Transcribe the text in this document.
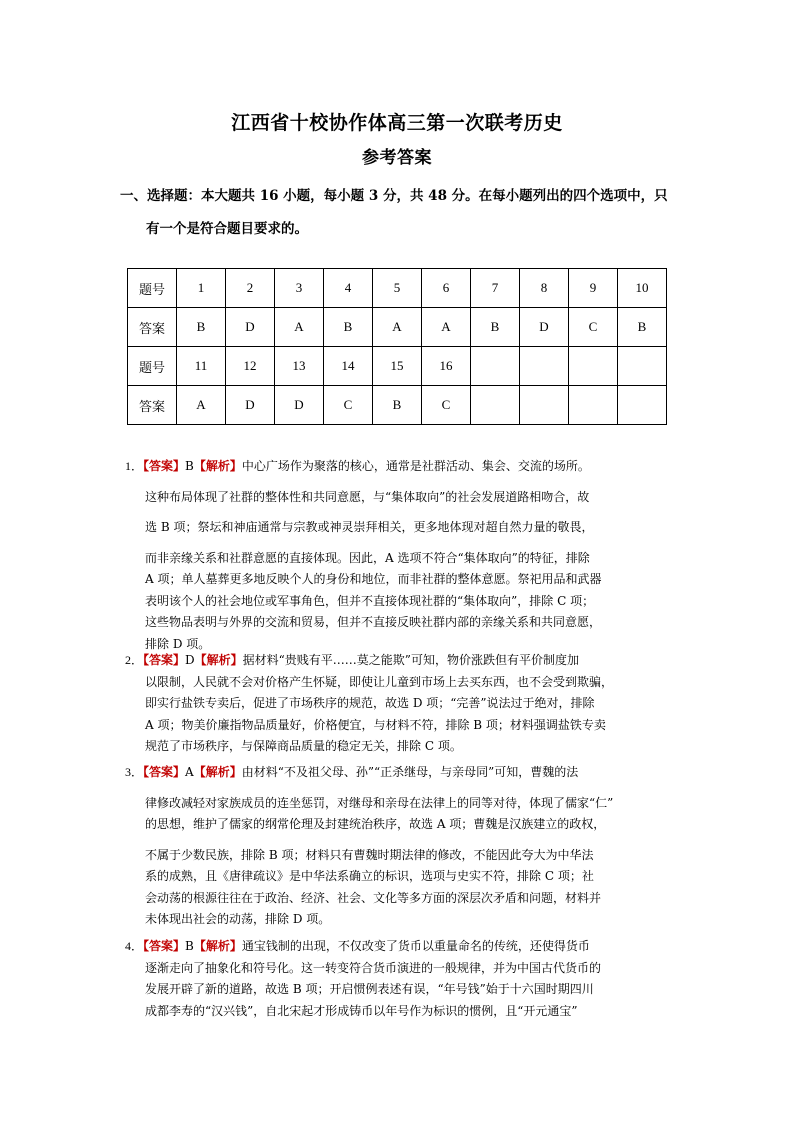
江西省十校协作体高三第一次联考历史
参考答案
一、选择题：本大题共 16 小题，每小题 3 分，共 48 分。在每小题列出的四个选项中，只
有一个是符合题目要求的。
题号	1	2	3	4	5	6	7	8	9	10
答案	B	D	A	B	A	A	B	D	C	B
题号	11	12	13	14	15	16				
答案	A	D	D	C	B	C				
1．【答案】B【解析】中心广场作为聚落的核心，通常是社群活动、集会、交流的场所。
这种布局体现了社群的整体性和共同意愿，与“集体取向”的社会发展道路相吻合，故
选 B 项；祭坛和神庙通常与宗教或神灵崇拜相关，更多地体现对超自然力量的敬畏，
而非亲缘关系和社群意愿的直接体现。因此，A 选项不符合“集体取向”的特征，排除
A 项；单人墓葬更多地反映个人的身份和地位，而非社群的整体意愿。祭祀用品和武器
表明该个人的社会地位或军事角色，但并不直接体现社群的“集体取向”，排除 C 项；
这些物品表明与外界的交流和贸易，但并不直接反映社群内部的亲缘关系和共同意愿，
排除 D 项。
2．【答案】D【解析】据材料“贵贱有平……莫之能欺”可知，物价涨跌但有平价制度加
以限制，人民就不会对价格产生怀疑，即使让儿童到市场上去买东西，也不会受到欺骗，
即实行盐铁专卖后，促进了市场秩序的规范，故选 D 项；“完善”说法过于绝对，排除
A 项；物美价廉指物品质量好，价格便宜，与材料不符，排除 B 项；材料强调盐铁专卖
规范了市场秩序，与保障商品质量的稳定无关，排除 C 项。
3．【答案】A【解析】由材料“不及祖父母、孙”“正杀继母，与亲母同”可知，曹魏的法
律修改减轻对家族成员的连坐惩罚，对继母和亲母在法律上的同等对待，体现了儒家“仁”
的思想，维护了儒家的纲常伦理及封建统治秩序，故选 A 项；曹魏是汉族建立的政权，
不属于少数民族，排除 B 项；材料只有曹魏时期法律的修改，不能因此夸大为中华法
系的成熟，且《唐律疏议》是中华法系确立的标识，选项与史实不符，排除 C 项；社
会动荡的根源往往在于政治、经济、社会、文化等多方面的深层次矛盾和问题，材料并
未体现出社会的动荡，排除 D 项。
4．【答案】B【解析】通宝钱制的出现，不仅改变了货币以重量命名的传统，还使得货币
逐渐走向了抽象化和符号化。这一转变符合货币演进的一般规律，并为中国古代货币的
发展开辟了新的道路，故选 B 项；开启惯例表述有误，“年号钱”始于十六国时期四川
成都李寿的“汉兴钱”，自北宋起才形成铸币以年号作为标识的惯例，且“开元通宝”
